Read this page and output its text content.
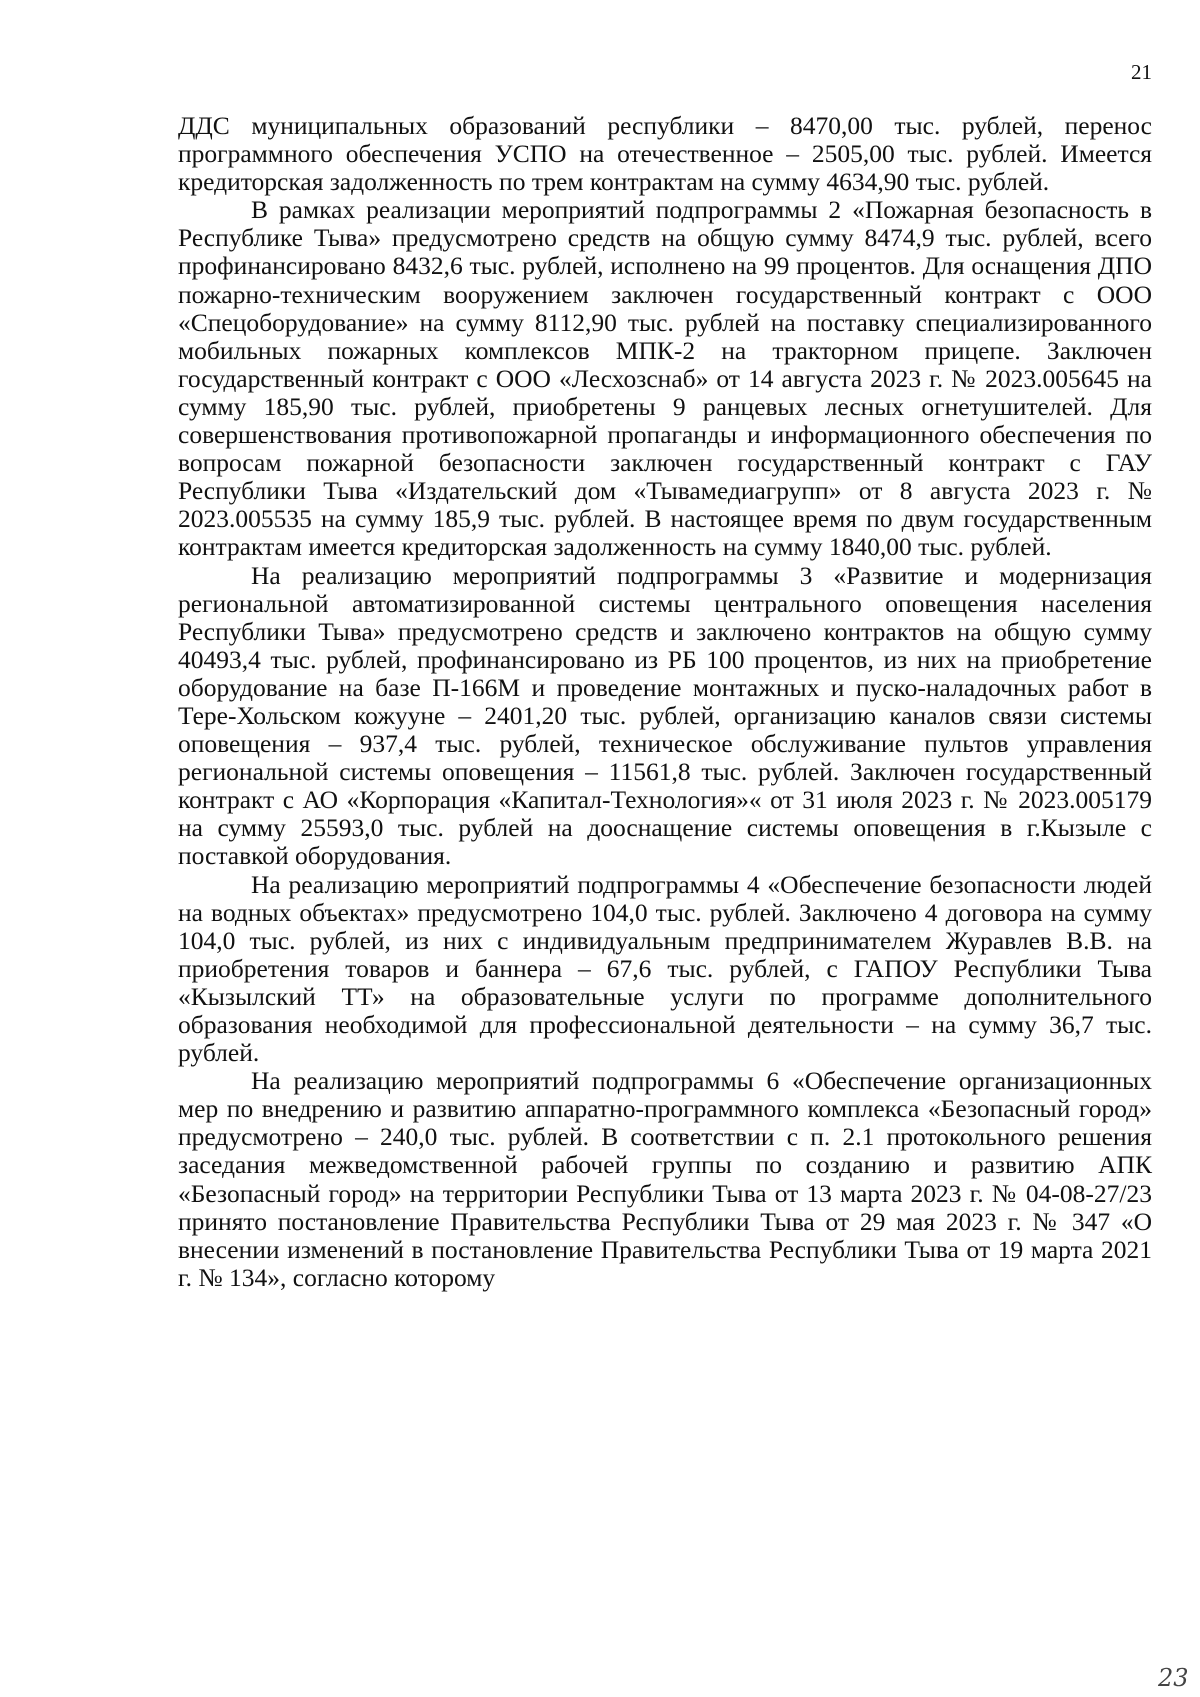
21

ДДС муниципальных образований республики – 8470,00 тыс. рублей, перенос программного обеспечения УСПО на отечественное – 2505,00 тыс. рублей. Имеется кредиторская задолженность по трем контрактам на сумму 4634,90 тыс. рублей.

В рамках реализации мероприятий подпрограммы 2 «Пожарная безопасность в Республике Тыва» предусмотрено средств на общую сумму 8474,9 тыс. рублей, всего профинансировано 8432,6 тыс. рублей, исполнено на 99 процентов. Для оснащения ДПО пожарно-техническим вооружением заключен государственный контракт с ООО «Спецоборудование» на сумму 8112,90 тыс. рублей на поставку специализированного мобильных пожарных комплексов МПК-2 на тракторном прицепе. Заключен государственный контракт с ООО «Лесхозснаб» от 14 августа 2023 г. № 2023.005645 на сумму 185,90 тыс. рублей, приобретены 9 ранцевых лесных огнетушителей. Для совершенствования противопожарной пропаганды и информационного обеспечения по вопросам пожарной безопасности заключен государственный контракт с ГАУ Республики Тыва «Издательский дом «Тывамедиагрупп» от 8 августа 2023 г. № 2023.005535 на сумму 185,9 тыс. рублей. В настоящее время по двум государственным контрактам имеется кредиторская задолженность на сумму 1840,00 тыс. рублей.

На реализацию мероприятий подпрограммы 3 «Развитие и модернизация региональной автоматизированной системы центрального оповещения населения Республики Тыва» предусмотрено средств и заключено контрактов на общую сумму 40493,4 тыс. рублей, профинансировано из РБ 100 процентов, из них на приобретение оборудование на базе П-166М и проведение монтажных и пуско-наладочных работ в Тере-Хольском кожууне – 2401,20 тыс. рублей, организацию каналов связи системы оповещения – 937,4 тыс. рублей, техническое обслуживание пультов управления региональной системы оповещения – 11561,8 тыс. рублей. Заключен государственный контракт с АО «Корпорация «Капитал-Технология»« от 31 июля 2023 г. № 2023.005179 на сумму 25593,0 тыс. рублей на дооснащение системы оповещения в г.Кызыле с поставкой оборудования.

На реализацию мероприятий подпрограммы 4 «Обеспечение безопасности людей на водных объектах» предусмотрено 104,0 тыс. рублей. Заключено 4 договора на сумму 104,0 тыс. рублей, из них с индивидуальным предпринимателем Журавлев В.В. на приобретения товаров и баннера – 67,6 тыс. рублей, с ГАПОУ Республики Тыва «Кызылский ТТ» на образовательные услуги по программе дополнительного образования необходимой для профессиональной деятельности – на сумму 36,7 тыс. рублей.

На реализацию мероприятий подпрограммы 6 «Обеспечение организационных мер по внедрению и развитию аппаратно-программного комплекса «Безопасный город» предусмотрено – 240,0 тыс. рублей. В соответствии с п. 2.1 протокольного решения заседания межведомственной рабочей группы по созданию и развитию АПК «Безопасный город» на территории Республики Тыва от 13 марта 2023 г. № 04-08-27/23 принято постановление Правительства Республики Тыва от 29 мая 2023 г. № 347 «О внесении изменений в постановление Правительства Республики Тыва от 19 марта 2021 г. № 134», согласно которому

23
